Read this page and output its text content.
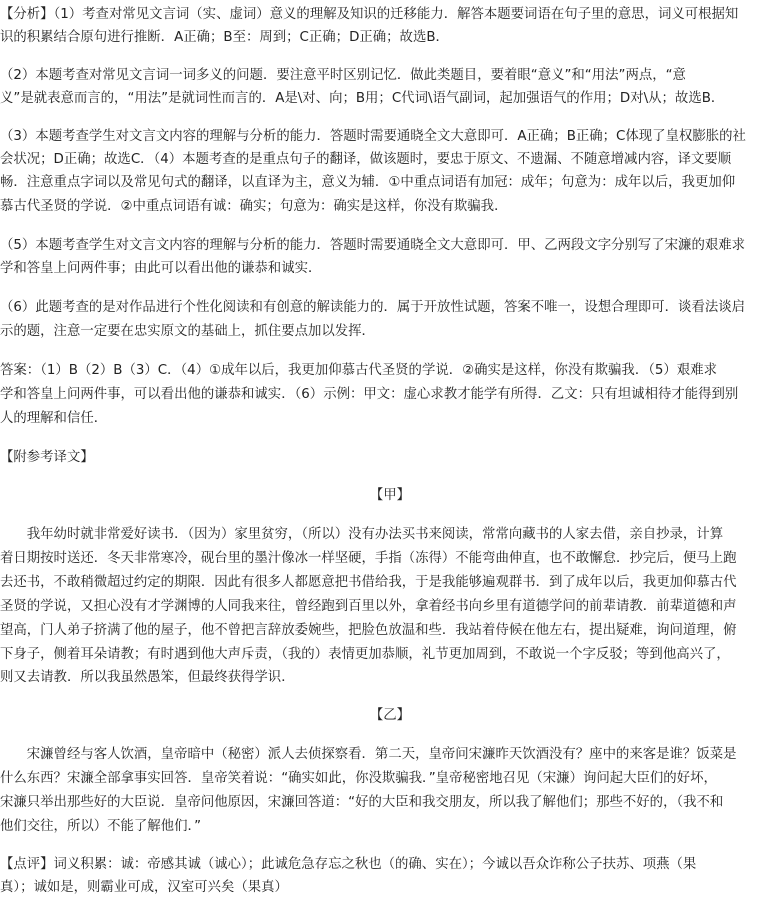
【分析】（1）考查对常见文言词（实、虚词）意义的理解及知识的迁移能力．解答本题要词语在句子里的意思，词义可根据知
识的积累结合原句进行推断．A正确；B至：周到；C正确；D正确；故选B．
（2）本题考查对常见文言词一词多义的问题．要注意平时区别记忆．做此类题目，要着眼“意义”和“用法”两点，“意
义”是就表意而言的，“用法”是就词性而言的．A是\对、向；B用；C代词\语气副词，起加强语气的作用；D对\从；故选B．
（3）本题考查学生对文言文内容的理解与分析的能力．答题时需要通晓全文大意即可．A正确；B正确；C体现了皇权膨胀的社
会状况；D正确；故选C．（4）本题考查的是重点句子的翻译，做该题时，要忠于原文、不遗漏、不随意增减内容，译文要顺
畅．注意重点字词以及常见句式的翻译，以直译为主，意义为辅．①中重点词语有加冠：成年；句意为：成年以后，我更加仰
慕古代圣贤的学说．②中重点词语有诚：确实；句意为：确实是这样，你没有欺骗我．
（5）本题考查学生对文言文内容的理解与分析的能力．答题时需要通晓全文大意即可．甲、乙两段文字分别写了宋濂的艰难求
学和答皇上问两件事；由此可以看出他的谦恭和诚实．
（6）此题考查的是对作品进行个性化阅读和有创意的解读能力的．属于开放性试题，答案不唯一，设想合理即可．谈看法谈启
示的题，注意一定要在忠实原文的基础上，抓住要点加以发挥．
答案：（1）B（2）B（3）C．（4）①成年以后，我更加仰慕古代圣贤的学说．②确实是这样，你没有欺骗我．（5）艰难求
学和答皇上问两件事，可以看出他的谦恭和诚实．（6）示例：甲文：虚心求教才能学有所得．乙文：只有坦诚相待才能得到别
人的理解和信任．
【附参考译文】
【甲】
　　我年幼时就非常爱好读书．（因为）家里贫穷，（所以）没有办法买书来阅读，常常向藏书的人家去借，亲自抄录，计算
着日期按时送还．冬天非常寒冷，砚台里的墨汁像冰一样坚硬，手指（冻得）不能弯曲伸直，也不敢懈怠．抄完后，便马上跑
去还书，不敢稍微超过约定的期限．因此有很多人都愿意把书借给我，于是我能够遍观群书．到了成年以后，我更加仰慕古代
圣贤的学说，又担心没有才学渊博的人同我来往，曾经跑到百里以外，拿着经书向乡里有道德学问的前辈请教．前辈道德和声
望高，门人弟子挤满了他的屋子，他不曾把言辞放委婉些，把脸色放温和些．我站着侍候在他左右，提出疑难，询问道理，俯
下身子，侧着耳朵请教；有时遇到他大声斥责，（我的）表情更加恭顺，礼节更加周到，不敢说一个字反驳；等到他高兴了，
则又去请教．所以我虽然愚笨，但最终获得学识．
【乙】
　　宋濂曾经与客人饮酒，皇帝暗中（秘密）派人去侦探察看．第二天，皇帝问宋濂昨天饮酒没有？座中的来客是谁？饭菜是
什么东西？宋濂全部拿事实回答．皇帝笑着说：“确实如此，你没欺骗我．”皇帝秘密地召见（宋濂）询问起大臣们的好坏，
宋濂只举出那些好的大臣说．皇帝问他原因，宋濂回答道：“好的大臣和我交朋友，所以我了解他们；那些不好的，（我不和
他们交往，所以）不能了解他们．”
【点评】词义积累：诚：帝感其诚（诚心）；此诚危急存忘之秋也（的确、实在）；今诚以吾众诈称公子扶苏、项燕（果
真）；诚如是，则霸业可成，汉室可兴矣（果真）
